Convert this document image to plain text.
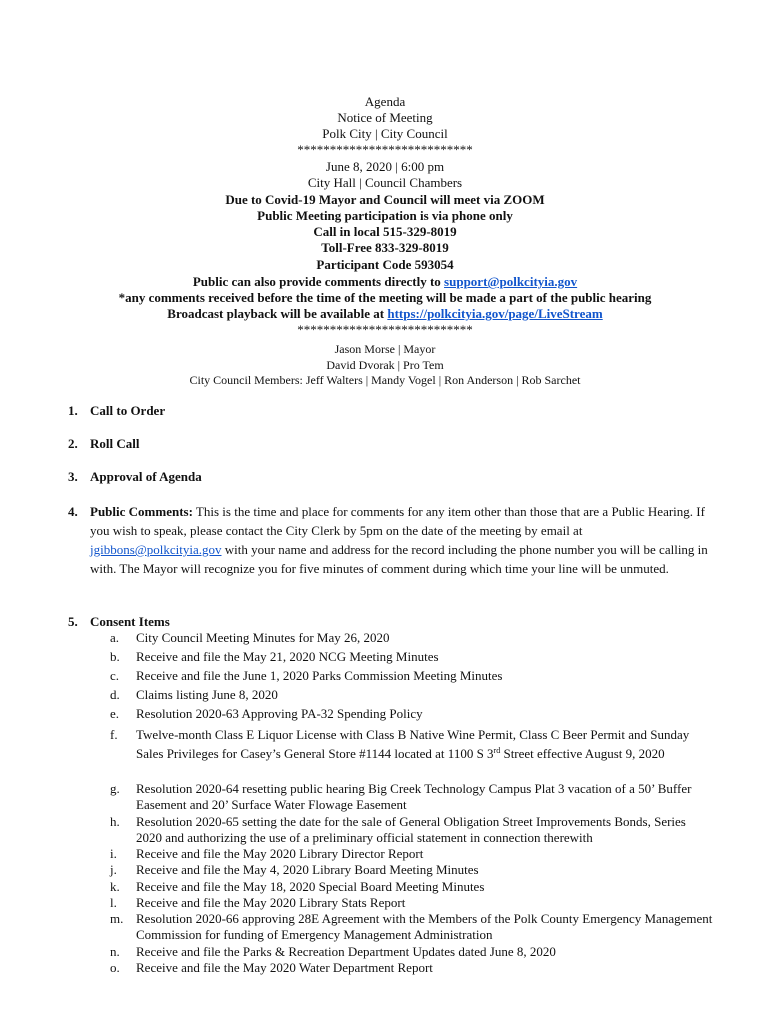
Agenda
Notice of Meeting
Polk City | City Council
***************************
June 8, 2020 | 6:00 pm
City Hall | Council Chambers
Due to Covid-19 Mayor and Council will meet via ZOOM
Public Meeting participation is via phone only
Call in local 515-329-8019
Toll-Free 833-329-8019
Participant Code 593054
Public can also provide comments directly to support@polkcityia.gov
*any comments received before the time of the meeting will be made a part of the public hearing
Broadcast playback will be available at https://polkcityia.gov/page/LiveStream
***************************
Jason Morse | Mayor
David Dvorak | Pro Tem
City Council Members: Jeff Walters | Mandy Vogel | Ron Anderson | Rob Sarchet
1. Call to Order
2. Roll Call
3. Approval of Agenda
4. Public Comments: This is the time and place for comments for any item other than those that are a Public Hearing. If you wish to speak, please contact the City Clerk by 5pm on the date of the meeting by email at jgibbons@polkcityia.gov with your name and address for the record including the phone number you will be calling in with. The Mayor will recognize you for five minutes of comment during which time your line will be unmuted.
5. Consent Items
a.	City Council Meeting Minutes for May 26, 2020
b.	Receive and file the May 21, 2020 NCG Meeting Minutes
c.	Receive and file the June 1, 2020 Parks Commission Meeting Minutes
d.	Claims listing June 8, 2020
e.	Resolution 2020-63 Approving PA-32 Spending Policy
f.	Twelve-month Class E Liquor License with Class B Native Wine Permit, Class C Beer Permit and Sunday Sales Privileges for Casey’s General Store #1144 located at 1100 S 3rd Street effective August 9, 2020
g.	Resolution 2020-64 resetting public hearing Big Creek Technology Campus Plat 3 vacation of a 50’ Buffer Easement and 20’ Surface Water Flowage Easement
h.	Resolution 2020-65 setting the date for the sale of General Obligation Street Improvements Bonds, Series 2020 and authorizing the use of a preliminary official statement in connection therewith
i.	Receive and file the May 2020 Library Director Report
j.	Receive and file the May 4, 2020 Library Board Meeting Minutes
k.	Receive and file the May 18, 2020 Special Board Meeting Minutes
l.	Receive and file the May 2020 Library Stats Report
m. Resolution 2020-66 approving 28E Agreement with the Members of the Polk County Emergency Management Commission for funding of Emergency Management Administration
n.	Receive and file the Parks & Recreation Department Updates dated June 8, 2020
o.	Receive and file the May 2020 Water Department Report
